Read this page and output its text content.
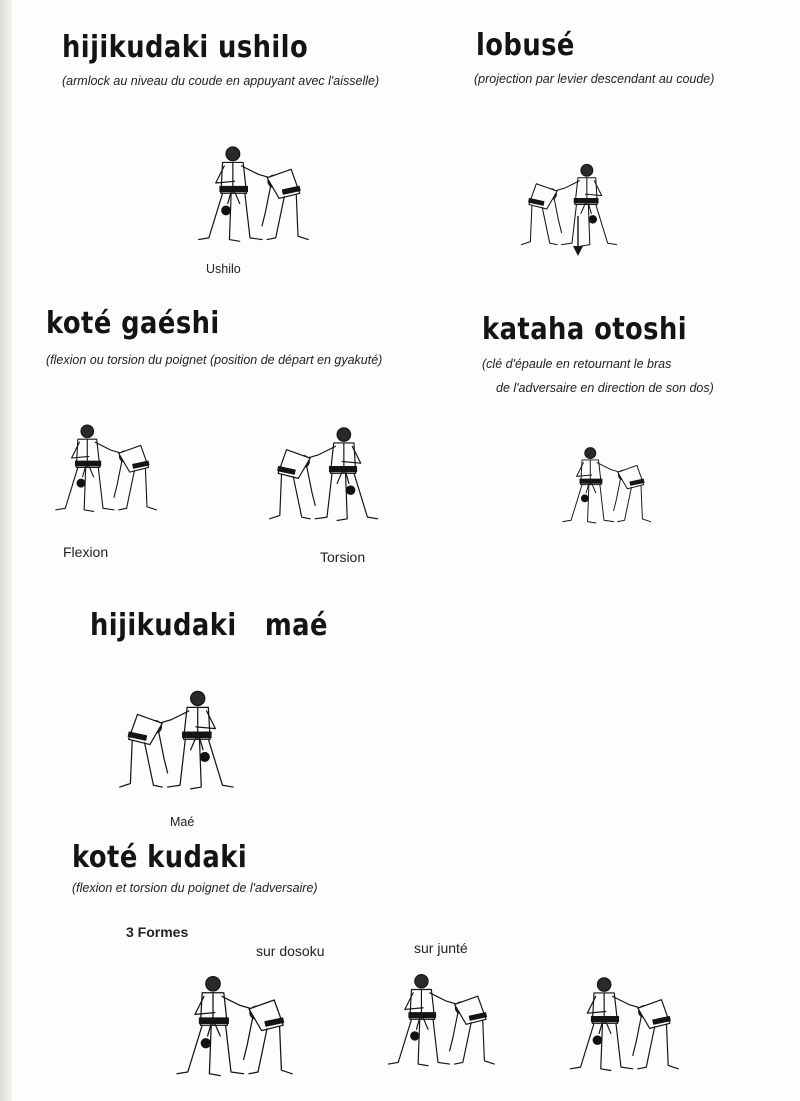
hijikudaki ushilo

(armlock au niveau du coude en appuyant avec l'aisselle)

Ushilo

lobusé

(projection par levier descendant au coude)

koté gaéshi

(flexion ou torsion du poignet (position de départ en gyakuté)

Flexion	Torsion

kataha otoshi

(clé d'épaule en retournant le bras

de l'adversaire en direction de son dos)

hijikudaki   maé

Maé

koté kudaki

(flexion et torsion du poignet de l'adversaire)

3 Formes

sur dosoku	sur junté
